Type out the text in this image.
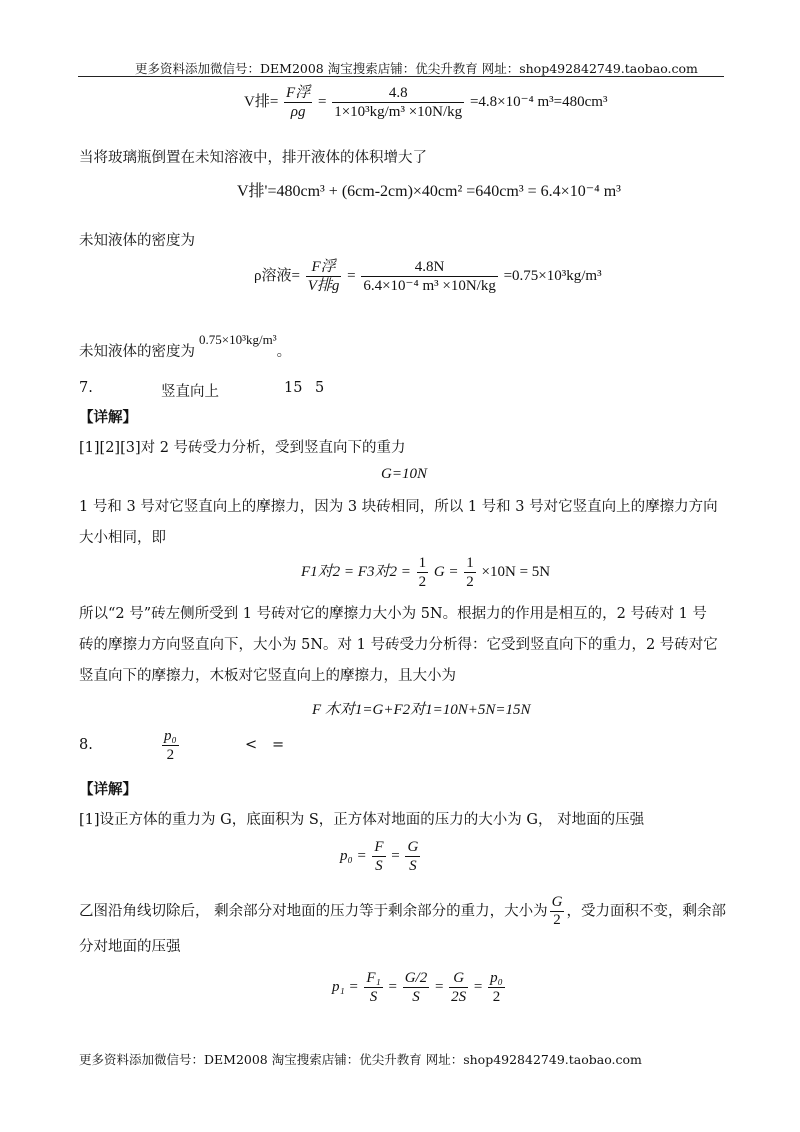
更多资料添加微信号：DEM2008 淘宝搜索店铺：优尖升教育 网址：shop492842749.taobao.com
V排= $\frac{\text{F浮}}{\rho g} = \frac{4.8}{\text{1×10³kg/m³ ×10N/kg}} =4.8\times 10^{-4}$ m³=480cm³
当将玻璃瓶倒置在未知溶液中，排开液体的体积增大了
V排'=480cm³ + (6cm-2cm)×40cm² =640cm³ = 6.4×10⁻⁴ m³
未知液体的密度为
ρ溶液= $\frac{\text{F浮}}{\text{V排g}} = \frac{4.8N}{\text{6.4×10⁻⁴ m³ ×10N/kg}} =0.75\times 10^3kg/m^3$
未知液体的密度为0.75×10³kg/m³。
7.	竖直向上	15 5
【详解】
[1][2][3]对 2 号砖受力分析，受到竖直向下的重力
G=10N
1 号和 3 号对它竖直向上的摩擦力，因为 3 块砖相同，所以 1 号和 3 号对它竖直向上的摩擦力方向大小相同，即
F1对2 = F3对$2 = \frac{1}{2}$ $G = \frac{1}{2} \times 10N = 5N$
所以“2 号”砖左侧所受到 1 号砖对它的摩擦力大小为 5N。根据力的作用是相互的，2 号砖对 1 号砖的摩擦力方向竖直向下，大小为 5N。对 1 号砖受力分析得：它受到竖直向下的重力，2 号砖对它竖直向下的摩擦力，木板对它竖直向上的摩擦力，且大小为
F 木对1=G+F2对1=10N+5N=15N
8.	$\frac{\text{p₀}}{2}$	< =
【详解】
[1]设正方体的重力为 G，底面积为 S，正方体对地面的压力的大小为 G， 对地面的压强
$p_0 = \frac{F}{S} = \frac{G}{S}$
乙图沿角线切除后， 剩余部分对地面的压力等于剩余部分的重力，大小为 $\frac{G}{2}$ ，受力面积不变，剩余部
分对地面的压强
$p_1 = \frac{\text{F₁}}{S} = \frac{G/2}{S} = \frac{G}{2S} = \frac{\text{p₀}}{2}$
更多资料添加微信号：DEM2008 淘宝搜索店铺：优尖升教育 网址：shop492842749.taobao.com
